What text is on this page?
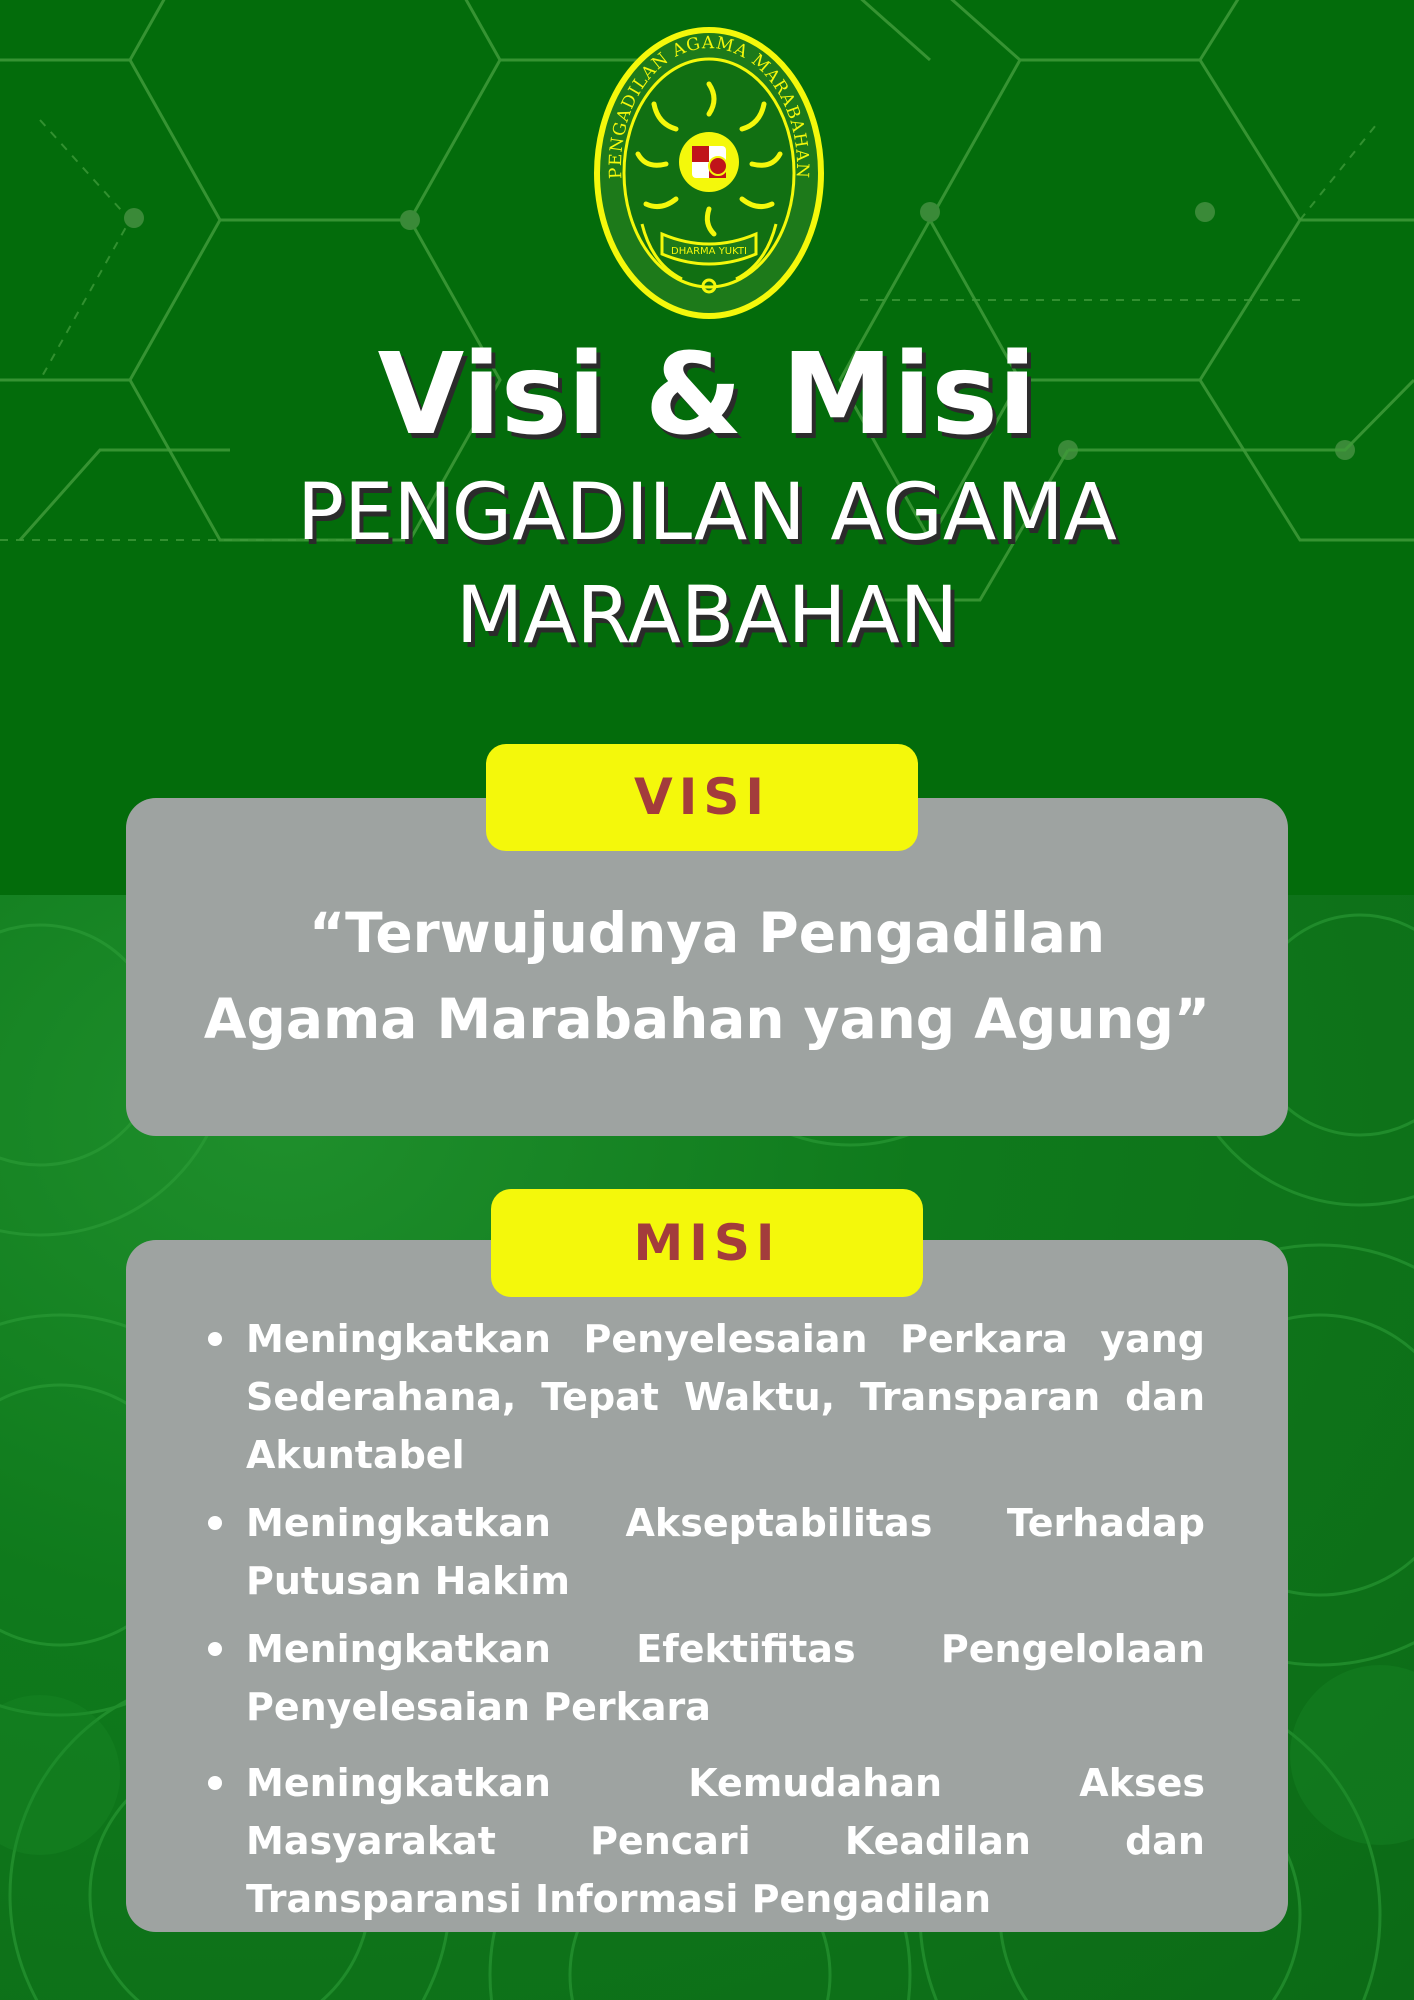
PENGADILAN AGAMA MARABAHAN
DHARMA YUKTI
Visi & Misi
PENGADILAN AGAMA
MARABAHAN
VISI
“Terwujudnya Pengadilan
Agama Marabahan yang Agung”
MISI
Meningkatkan Penyelesaian Perkara yang Sederahana, Tepat Waktu, Transparan dan Akuntabel
Meningkatkan Akseptabilitas Terhadap Putusan Hakim
Meningkatkan Efektifitas Pengelolaan Penyelesaian Perkara
Meningkatkan Kemudahan Akses Masyarakat Pencari Keadilan dan Transparansi Informasi Pengadilan
